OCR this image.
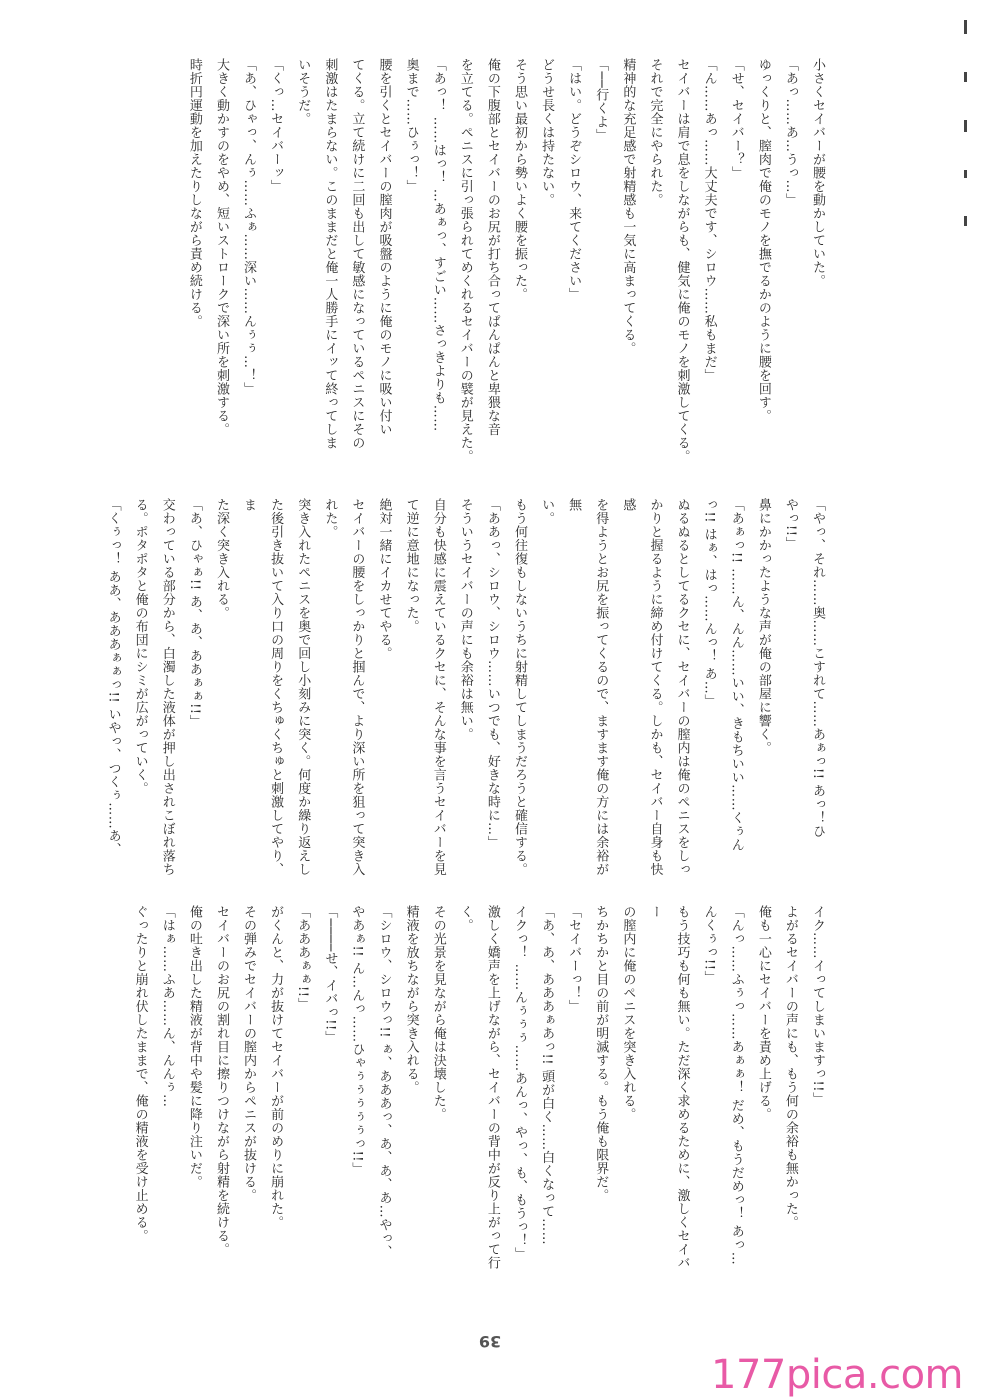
小さくセイバーが腰を動かしていた。

「あっ……あ…うっ…」

ゆっくりと、膣肉で俺のモノを撫でるかのように腰を回す。

「せ、セイバー？」

「ん……あっ……大丈夫です、シロウ……私もまだ」

セイバーは肩で息をしながらも、健気に俺のモノを刺激してくる。

それで完全にやられた。

精神的な充足感で射精感も一気に高まってくる。

「──行くよ」

「はい。どうぞシロウ、来てください」

どうせ長くは持たない。

そう思い最初から勢いよく腰を振った。

俺の下腹部とセイバーのお尻が打ち合ってぱんぱんと卑猥な音

を立てる。ペニスに引っ張られてめくれるセイバーの襞が見えた。

「あっ！ ……はっ！ …あぁっ、すごい……さっきよりも……

奥まで……ひぅっ！」

腰を引くとセイバーの膣肉が吸盤のように俺のモノに吸い付い

てくる。立て続けに二回も出して敏感になっているペニスにその

刺激はたまらない。このままだと俺一人勝手にイッて終ってしま

いそうだ。

「くっ…セイバーッ」

「あ、ひゃっ、んぅ……ふぁ……深い……んぅぅ…！」

大きく動かすのをやめ、短いストロークで深い所を刺激する。

時折円運動を加えたりしながら責め続ける。

「やっ、それ……奥……こすれて……あぁっ!! あっ！ひ

やっ!!」

鼻にかかったような声が俺の部屋に響く。

「あぁっ!! ……ん、んん……いい、きもちいい……くぅん

っ!! はぁ、はっ……んっ！ あ…」

ぬるぬるとしてるクセに、セイバーの膣内は俺のペニスをしっ

かりと握るように締め付けてくる。しかも、セイバー自身も快感

を得ようとお尻を振ってくるので、ますます俺の方には余裕が無

い。

もう何往復もしないうちに射精してしまうだろうと確信する。

「ああっ、シロウ、シロウ……いつでも、好きな時に…」

そういうセイバーの声にも余裕は無い。

自分も快感に震えているクセに、そんな事を言うセイバーを見

て逆に意地になった。

絶対一緒にイカせてやる。

セイバーの腰をしっかりと掴んで、より深い所を狙って突き入

れた。

突き入れたペニスを奥で回し小刻みに突く。何度か繰り返えし

た後引き抜いて入り口の周りをくちゅくちゅと刺激してやり、ま

た深く突き入れる。

「あ、ひゃぁ!! あ、あ、ああぁぁ!!」

交わっている部分から、白濁した液体が押し出されこぼれ落ち

る。ポタポタと俺の布団にシミが広がっていく。

「くぅっ！ ああ、あああぁぁっ!! いやっ、つくぅ……あ、

イク……イってしまいますっ!!」

よがるセイバーの声にも、もう何の余裕も無かった。

俺も一心にセイバーを責め上げる。

「んっ……ふぅっ……あぁぁ！ だめ、もうだめっ！ あっ…

んくぅっ!!」

もう技巧も何も無い。ただ深く求めるために、激しくセイバー

の膣内に俺のペニスを突き入れる。

ちかちかと目の前が明滅する。もう俺も限界だ。

「セイバーっ！」

「あ、あ、あああぁあっ!! 頭が白く……白くなって……

イクっ！ ……んぅぅぅ……あんっ、やっ、も、もうっ！」

激しく嬌声を上げながら、セイバーの背中が反り上がって行く。

その光景を見ながら俺は決壊した。

精液を放ちながら突き入れる。

「シロウ、シロウっ!! ぁ、あああっ、あ、あ、あ…やっ、

やあぁ!! ん…んっ……ひゃぅぅぅぅぅっ!!」

「────せ、イバっ!!」

「あああぁぁ!!」

がくんと、力が抜けてセイバーが前のめりに崩れた。

その弾みでセイバーの膣内からペニスが抜ける。

セイバーのお尻の割れ目に擦りつけながら射精を続ける。

俺の吐き出した精液が背中や髪に降り注いだ。

「はぁ……ふあ……ん、んんぅ…

ぐったりと崩れ伏したままで、俺の精液を受け止める。

39
177pica.com
